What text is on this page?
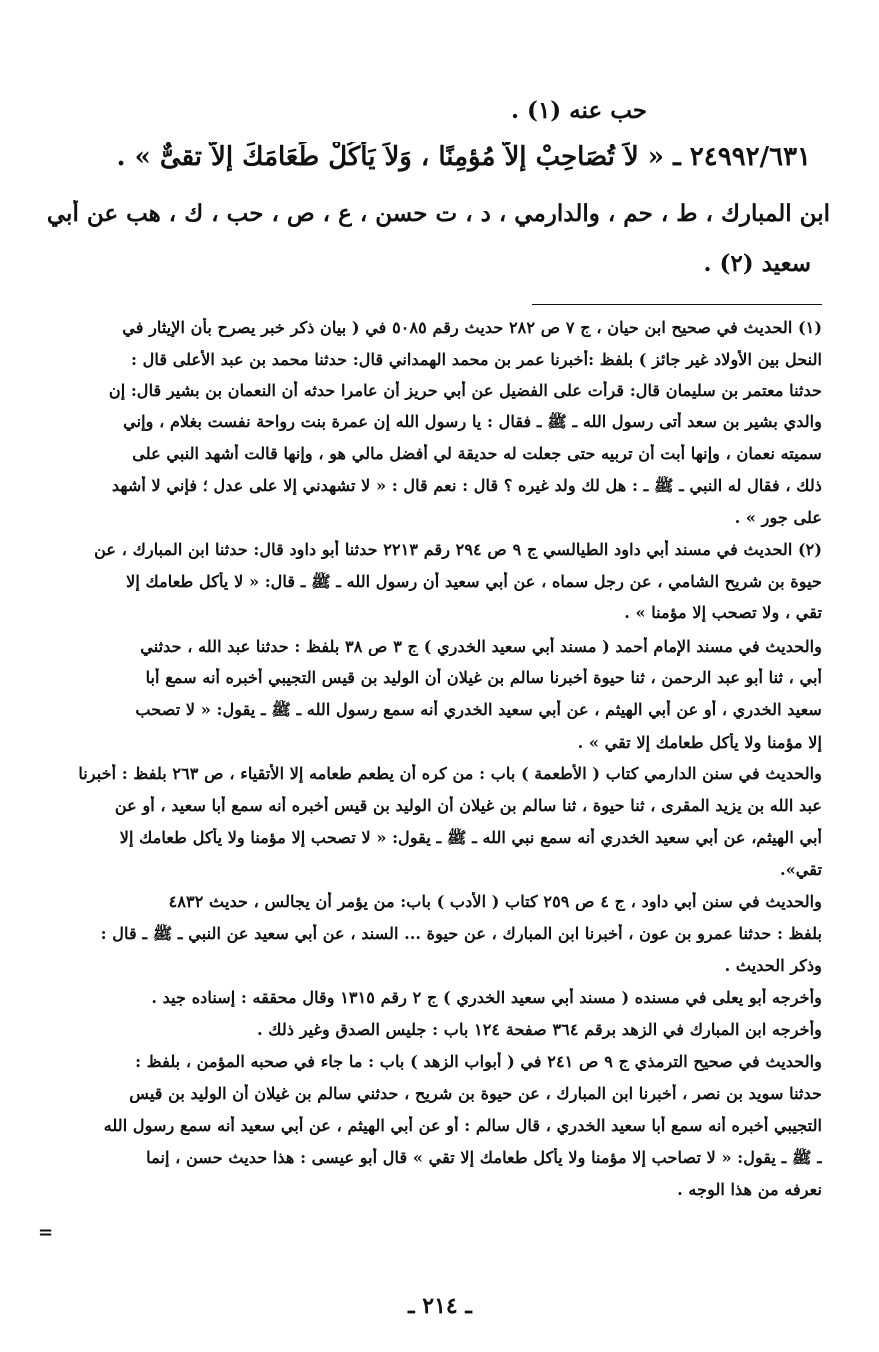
حب عنه (١) .
٢٤٩٩٢/٦٣١ ـ « لاَ تُصَاحِبْ إلاَّ مُؤمِنًا ، وَلاَ يَأكُلْ طَعَامَكَ إلاَّ تقىٌّ » .
ابن المبارك ، ط ، حم ، والدارمي ، د ، ت حسن ، ع ، ص ، حب ، ك ، هب عن أبي
سعيد (٢) .
(١) الحديث في صحيح ابن حيان ، ج ٧ ص ٢٨٢ حديث رقم ٥٠٨٥ في ( بيان ذكر خبر يصرح بأن الإيثار في
النحل بين الأولاد غير جائز ) بلفظ :أخبرنا عمر بن محمد الهمداني قال: حدثنا محمد بن عبد الأعلى قال :
حدثنا معتمر بن سليمان قال: قرأت على الفضيل عن أبي حريز أن عامرا حدثه أن النعمان بن بشير قال: إن
والدي بشير بن سعد أتى رسول الله ـ ﷺ ـ فقال : يا رسول الله إن عمرة بنت رواحة نفست بغلام ، وإني
سميته نعمان ، وإنها أبت أن تربيه حتى جعلت له حديقة لي أفضل مالي هو ، وإنها قالت أشهد النبي على
ذلك ، فقال له النبي ـ ﷺ ـ : هل لك ولد غيره ؟ قال : نعم قال : « لا تشهدني إلا على عدل ؛ فإني لا أشهد
على جور » .
(٢) الحديث في مسند أبي داود الطيالسي ج ٩ ص ٢٩٤ رقم ٢٢١٣ حدثنا أبو داود قال: حدثنا ابن المبارك ، عن
حيوة بن شريح الشامي ، عن رجل سماه ، عن أبي سعيد أن رسول الله ـ ﷺ ـ قال: « لا يأكل طعامك إلا
تقي ، ولا تصحب إلا مؤمنا » .
والحديث في مسند الإمام أحمد ( مسند أبي سعيد الخدري ) ج ٣ ص ٣٨ بلفظ : حدثنا عبد الله ، حدثني
أبي ، ثنا أبو عبد الرحمن ، ثنا حيوة أخبرنا سالم بن غيلان أن الوليد بن قيس التجيبي أخبره أنه سمع أبا
سعيد الخدري ، أو عن أبي الهيثم ، عن أبي سعيد الخدري أنه سمع رسول الله ـ ﷺ ـ يقول: « لا تصحب
إلا مؤمنا ولا يأكل طعامك إلا تقي » .
والحديث في سنن الدارمي كتاب ( الأطعمة ) باب : من كره أن يطعم طعامه إلا الأتقياء ، ص ٢٦٣ بلفظ : أخبرنا
عبد الله بن يزيد المقرى ، ثنا حيوة ، ثنا سالم بن غيلان أن الوليد بن قيس أخبره أنه سمع أبا سعيد ، أو عن
أبي الهيثم، عن أبي سعيد الخدري أنه سمع نبي الله ـ ﷺ ـ يقول: « لا تصحب إلا مؤمنا ولا يأكل طعامك إلا
تقي».
والحديث في سنن أبي داود ، ج ٤ ص ٢٥٩ كتاب ( الأدب ) باب: من يؤمر أن يجالس ، حديث ٤٨٣٢
بلفظ : حدثنا عمرو بن عون ، أخبرنا ابن المبارك ، عن حيوة ... السند ، عن أبي سعيد عن النبي ـ ﷺ ـ قال :
وذكر الحديث .
وأخرجه أبو يعلى في مسنده ( مسند أبي سعيد الخدري ) ج ٢ رقم ١٣١٥ وقال محققه : إسناده جيد .
وأخرجه ابن المبارك في الزهد برقم ٣٦٤ صفحة ١٢٤ باب : جليس الصدق وغير ذلك .
والحديث في صحيح الترمذي ج ٩ ص ٢٤١ في ( أبواب الزهد ) باب : ما جاء في صحبه المؤمن ، بلفظ :
حدثنا سويد بن نصر ، أخبرنا ابن المبارك ، عن حيوة بن شريح ، حدثني سالم بن غيلان أن الوليد بن قيس
التجيبي أخبره أنه سمع أبا سعيد الخدري ، قال سالم : أو عن أبي الهيثم ، عن أبي سعيد أنه سمع رسول الله
ـ ﷺ ـ يقول: « لا تصاحب إلا مؤمنا ولا يأكل طعامك إلا تقي » قال أبو عيسى : هذا حديث حسن ، إنما
نعرفه من هذا الوجه .
=
ـ ٢١٤ ـ
